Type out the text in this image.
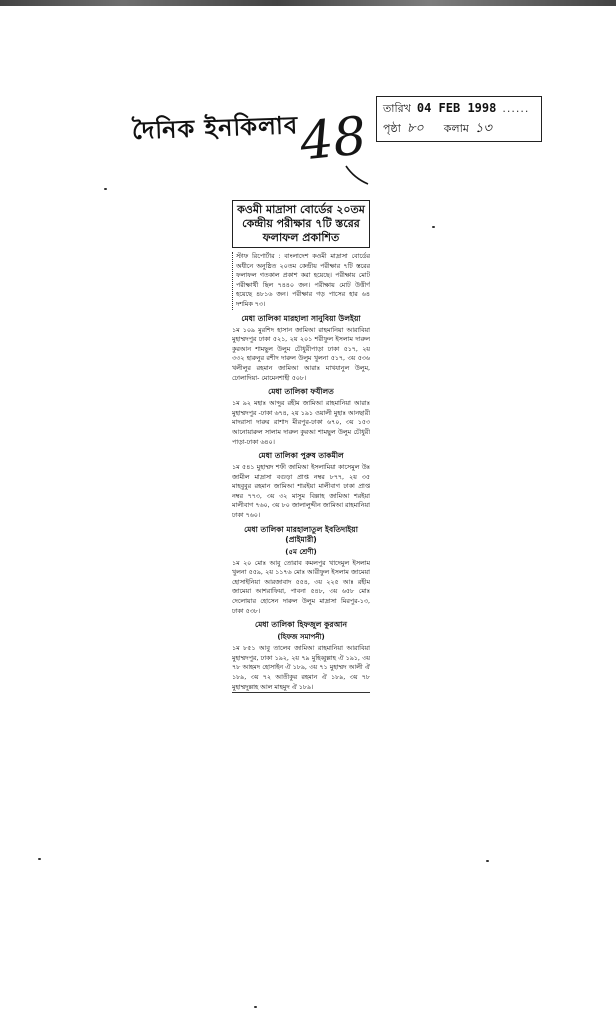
দৈনিক ইনকিলাব
48 তারিখ 04 FEB 1998 ......
পৃষ্ঠা ৮০ কলাম ১৩

কওমী মাদ্রাসা বোর্ডের ২০তম কেন্দ্রীয় পরীক্ষার ৭টি স্তরের ফলাফল প্রকাশিত

স্টাফ রিপোর্টার : বাংলাদেশ কওমী মাদ্রাসা বোর্ডের অধীনে অনুষ্ঠিত ২০তম কেন্দ্রীয় পরীক্ষার ৭টি স্তরের ফলাফল গতকাল প্রকাশ করা হয়েছে। পরীক্ষায় মোট পরীক্ষার্থী ছিল ৭৪৪০ জন। পরীক্ষায় মোট উত্তীর্ণ হয়েছে ৪৮১৬ জন। পরীক্ষার গড় পাসের হার ৬৪ দশমিক ৭৩।

মেধা তালিকা মারহালা সানুবিয়া উলইয়া

১ম ১০৯ মুরশিদ হাসান জামিআ রাহমানিয়া আরাবিয়া মুহাম্মদপুর ঢাকা ৫২১, ২য় ২০১ শরীফুল ইসলাম দারুল কুরআন শামছুল উলুম চৌধুরীপাড়া ঢাকা ৫১৭, ২য় ৩৩২ হারুনুর রশীদ দারুল উলুম খুলনা ৫১৭, ৩য় ৫৩৬ খলীলুর রহমান জামিআ আরাঃ মাখযানুল উলুম, ঢোলাদিয়া- মোমেনশাহী ৫০৮।

মেধা তালিকা ফযীলত

১ম ৯২ মহাঃ আব্দুর রহীম জামিআ রাহমানিয়া আরাঃ মুহাম্মদপুর -ঢাকা ৬৭৪, ২য় ১৯১ ওয়ালী মুহাঃ আনছারী মাদরাসা দারুর রাশাদ মীরপুর-ঢাকা ৬৭০, ৩য় ১৫৩ আনোয়ারুল সালাম দারুল কুরআ শামছুল উলুম চৌধুরী পাড়া-ঢাকা ৬৪০।

মেধা তালিকা পুরুষ তাকমীল

১ম ৫৪১ মুহাম্মদ শফী জামিআ ইসলামিয়া কাসেমুল উঃ জামীল মাদ্রাসা বগুড়া প্রাপ্ত নম্বর ৮৭৭, ২য় ৩৫ মাহবুবুর রহমান জামিআ শারইয়া মালীবাগ ঢাকা প্রাপ্ত নম্বর ৭৭৩, ৩য় ৩২ মাসুম বিল্লাহ জামিআ শরইয়া মালীবাগ ৭৬০, ৩য় ৮০ জালালুদ্দীন জামিআ রাহমানিয়া ঢাকা ৭৬০।

মেধা তালিকা মারহালাতুল ইবতিদাইয়া (প্রাইমারী)
(৫ম শ্রেণী)

১ম ২০ মোঃ আবু তোরাব কমলপুর খাদেমুল ইসলাম খুলনা ৫৫৯, ২য় ১১৭৬ মোঃ আরীফুল ইসলাম জামেয়া হোসাইনিয়া আরজাবাদ ৫৫৪, ৩য় ২২৫ আঃ রহীম জামেয়া আশরাফিয়া, পাবনা ৫৪৮, ৩য় ৬৫৮ মোঃ দেলোয়ার হোসেন দারুল উলুম মাদ্রাসা মিরপুর-১৩, ঢাকা ৫৩৮।

মেধা তালিকা হিফজুল কুরআন
(হিফজ সমাপনী)

১ম ৮৫১ আবু তালেব জামিআ রাহমানিয়া আরাবিয়া মুহাম্মদপুর, ঢাকা ১৯২, ২য় ৭৯ মুহিব্বুল্লাহ ঐ ১৯১, ৩য় ৭৮ আহমদ হোসাইন ঐ ১৮৯, ৩য় ৭১ মুহাম্মদ আলী ঐ ১৮৯, ৩য় ৭২ আতীকুর রহমান ঐ ১৮৯, ৩য় ৭৮ মুহাম্মদুল্লাহ আল মাহমুদ ঐ ১৮৯।
